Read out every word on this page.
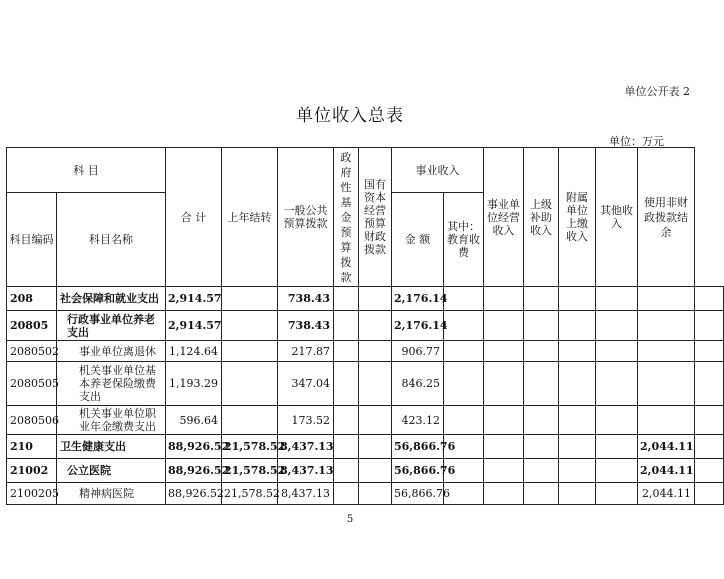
单位公开表 2
单位收入总表
单位：万元
科 目		合 计	上年结转	一般公共预算拨款	政府性基金预算拨款	国有资本经营预算财政拨款	事业收入		事业单位经营收入	上级补助收入	附属单位上缴收入	其他收入	使用非财政拨款结余	
科目编码	科目名称						金 额	其中：教育收费						
208	社会保障和就业支出	2,914.57		738.43			2,176.14							
20805	行政事业单位养老支出	2,914.57		738.43			2,176.14							
2080502	事业单位离退休	1,124.64		217.87			906.77							
2080505	机关事业单位基本养老保险缴费支出	1,193.29		347.04			846.25							
2080506	机关事业单位职业年金缴费支出	596.64		173.52			423.12							
210	卫生健康支出	88,926.52	21,578.52	8,437.13			56,866.76						2,044.11	
21002	公立医院	88,926.52	21,578.52	8,437.13			56,866.76						2,044.11	
2100205	精神病医院	88,926.52	21,578.52	8,437.13			56,866.76						2,044.11	
5
